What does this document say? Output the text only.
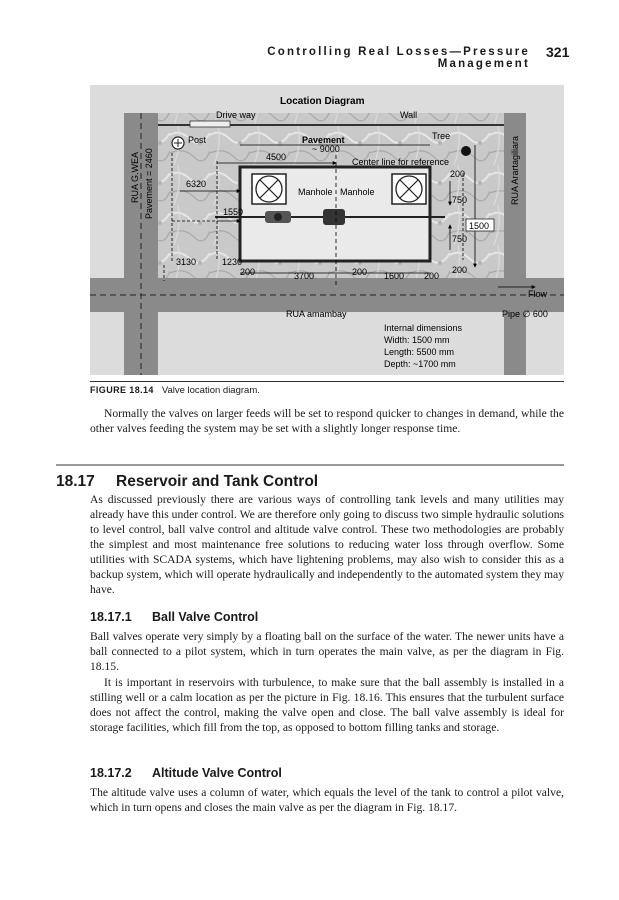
Controlling Real Losses—Pressure Management
321
Location Diagram
Drive way	Wall
Post	Pavement
~ 9000
Tree
4500	Center line for reference
200
6320
Manhole Manhole
750
1550
1500
750
3130	1230
200	3700	200 1600 200
200
Flow
RUA amambay	Pipe ∅ 600
Internal dimensions
Width: 1500 mm
Length: 5500 mm
Depth: ~1700 mm
RUA G.WEA Pavement = 2460	RUA Arartagiliara
FIGURE 18.14 Valve location diagram.

Normally the valves on larger feeds will be set to respond quicker to changes in demand, while the other valves feeding the system may be set with a slightly longer response time.

18.17 Reservoir and Tank Control

As discussed previously there are various ways of controlling tank levels and many utilities may already have this under control. We are therefore only going to discuss two simple hydraulic solutions to level control, ball valve control and altitude valve control. These two methodologies are probably the simplest and most maintenance free solutions to reducing water loss through overflow. Some utilities with SCADA systems, which have lightening problems, may also wish to consider this as a backup system, which will operate hydraulically and independently to the automated system they may have.

18.17.1 Ball Valve Control

Ball valves operate very simply by a floating ball on the surface of the water. The newer units have a ball connected to a pilot system, which in turn operates the main valve, as per the diagram in Fig. 18.15.

It is important in reservoirs with turbulence, to make sure that the ball assembly is installed in a stilling well or a calm location as per the picture in Fig. 18.16. This ensures that the turbulent surface does not affect the control, making the valve open and close. The ball valve assembly is ideal for storage facilities, which fill from the top, as opposed to bottom filling tanks and storage.

18.17.2 Altitude Valve Control

The altitude valve uses a column of water, which equals the level of the tank to control a pilot valve, which in turn opens and closes the main valve as per the diagram in Fig. 18.17.
